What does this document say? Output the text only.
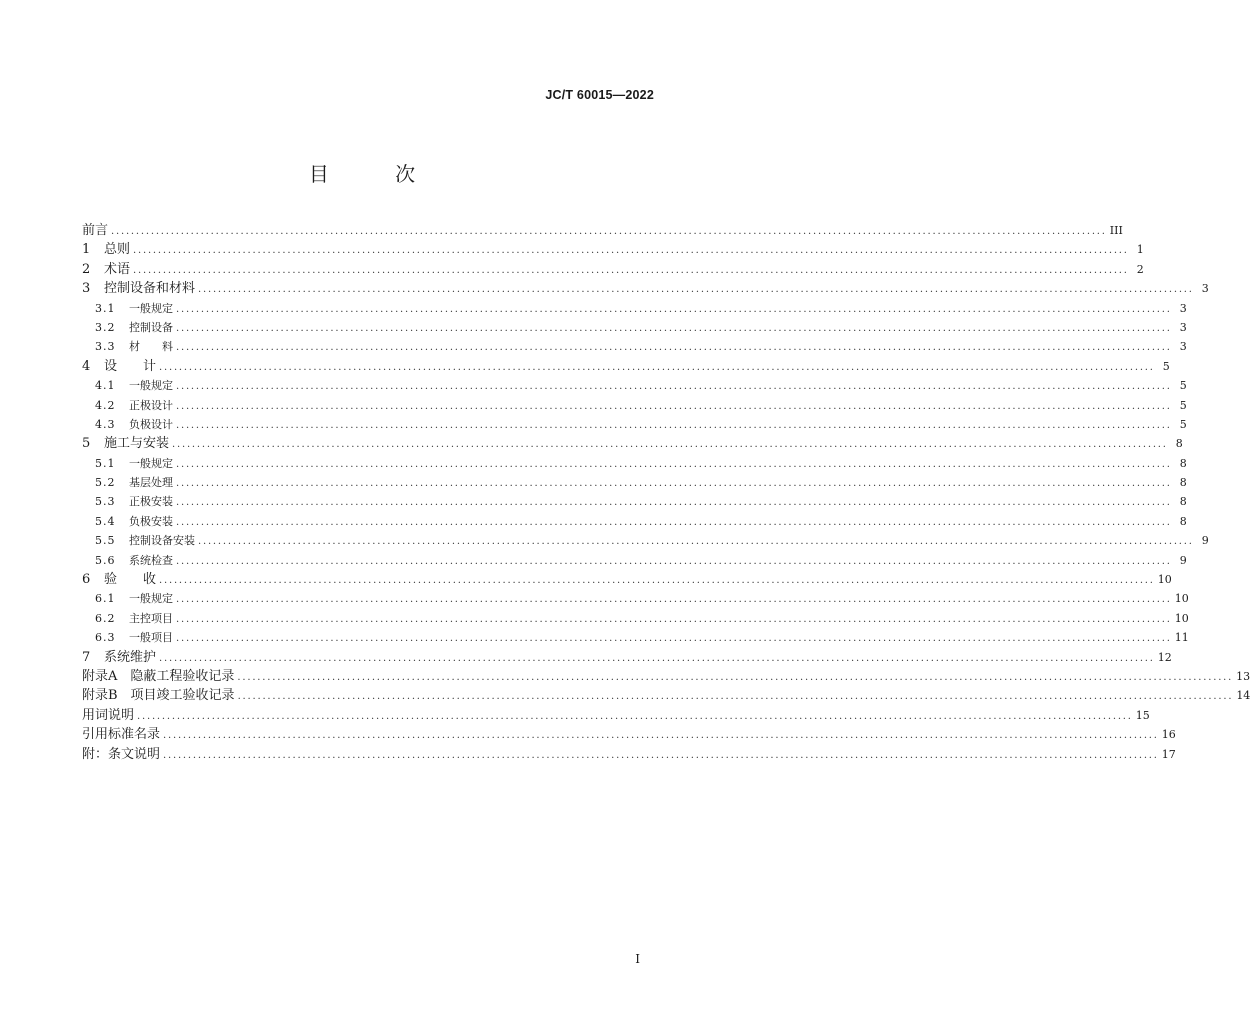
JC/T 60015—2022
目 次
前言 ........................................................................................................................................................................................................ III
1	总则 ........................................................................................................................................................................................................ 1
2	术语 ........................................................................................................................................................................................................ 2
3	控制设备和材料 ........................................................................................................................................................................................................ 3
3.1	一般规定 ........................................................................................................................................................................................................ 3
3.2	控制设备 ........................................................................................................................................................................................................ 3
3.3	材　　料 ........................................................................................................................................................................................................ 3
4	设　　计 ........................................................................................................................................................................................................ 5
4.1	一般规定 ........................................................................................................................................................................................................ 5
4.2	正极设计 ........................................................................................................................................................................................................ 5
4.3	负极设计 ........................................................................................................................................................................................................ 5
5	施工与安装 ........................................................................................................................................................................................................ 8
5.1	一般规定 ........................................................................................................................................................................................................ 8
5.2	基层处理 ........................................................................................................................................................................................................ 8
5.3	正极安装 ........................................................................................................................................................................................................ 8
5.4	负极安装 ........................................................................................................................................................................................................ 8
5.5	控制设备安装 ........................................................................................................................................................................................................ 9
5.6	系统检查 ........................................................................................................................................................................................................ 9
6	验　　收 ........................................................................................................................................................................................................ 10
6.1	一般规定 ........................................................................................................................................................................................................ 10
6.2	主控项目 ........................................................................................................................................................................................................ 10
6.3	一般项目 ........................................................................................................................................................................................................ 11
7	系统维护 ........................................................................................................................................................................................................ 12
附录A　隐蔽工程验收记录 ........................................................................................................................................................................................................ 13
附录B　项目竣工验收记录 ........................................................................................................................................................................................................ 14
用词说明 ........................................................................................................................................................................................................ 15
引用标准名录 ........................................................................................................................................................................................................ 16
附：条文说明 ........................................................................................................................................................................................................ 17
I
